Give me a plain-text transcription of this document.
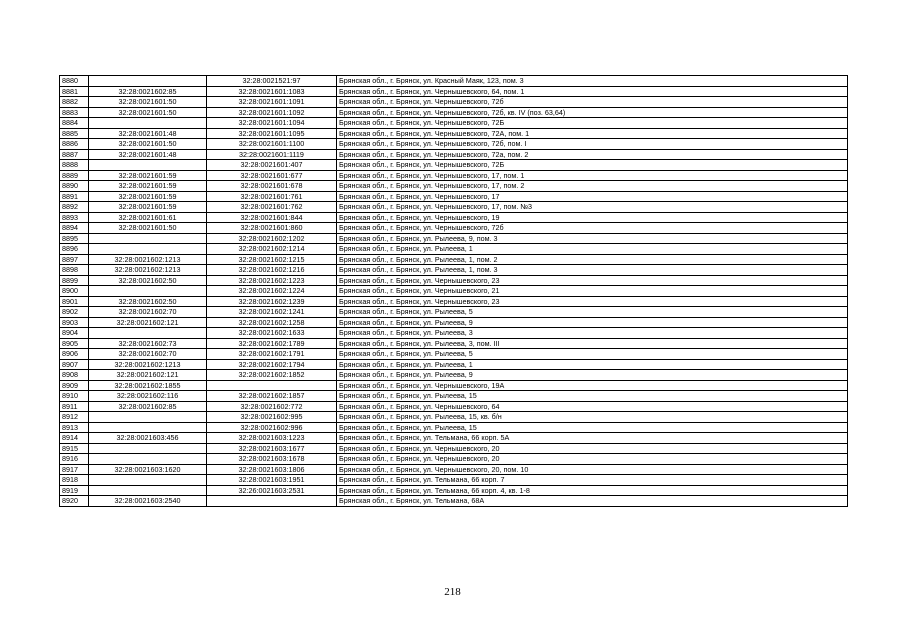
8880		32:28:0021521:97	Брянская обл., г. Брянск, ул. Красный Маяк, 123, пом. 3
8881	32:28:0021602:85	32:28:0021601:1083	Брянская обл., г. Брянск, ул. Чернышевского, 64, пом. 1
8882	32:28:0021601:50	32:28:0021601:1091	Брянская обл., г. Брянск, ул. Чернышевского, 72б
8883	32:28:0021601:50	32:28:0021601:1092	Брянская обл., г. Брянск, ул. Чернышевского, 72б, кв. IV (поз. 63,64)
8884		32:28:0021601:1094	Брянская обл., г. Брянск, ул. Чернышевского, 72Б
8885	32:28:0021601:48	32:28:0021601:1095	Брянская обл., г. Брянск, ул. Чернышевского, 72А, пом. 1
8886	32:28:0021601:50	32:28:0021601:1100	Брянская обл., г. Брянск, ул. Чернышевского, 72б, пом. I
8887	32:28:0021601:48	32:28:0021601:1119	Брянская обл., г. Брянск, ул. Чернышевского, 72а, пом. 2
8888		32:28:0021601:407	Брянская обл., г. Брянск, ул. Чернышевского, 72Б
8889	32:28:0021601:59	32:28:0021601:677	Брянская обл., г. Брянск, ул. Чернышевского, 17, пом. 1
8890	32:28:0021601:59	32:28:0021601:678	Брянская обл., г. Брянск, ул. Чернышевского, 17, пом. 2
8891	32:28:0021601:59	32:28:0021601:761	Брянская обл., г. Брянск, ул. Чернышевского, 17
8892	32:28:0021601:59	32:28:0021601:762	Брянская обл., г. Брянск, ул. Чернышевского, 17, пом. №3
8893	32:28:0021601:61	32:28:0021601:844	Брянская обл., г. Брянск, ул. Чернышевского, 19
8894	32:28:0021601:50	32:28:0021601:860	Брянская обл., г. Брянск, ул. Чернышевского, 72б
8895		32:28:0021602:1202	Брянская обл., г. Брянск, ул. Рылеева, 9, пом. 3
8896		32:28:0021602:1214	Брянская обл., г. Брянск, ул. Рылеева, 1
8897	32:28:0021602:1213	32:28:0021602:1215	Брянская обл., г. Брянск, ул. Рылеева, 1, пом. 2
8898	32:28:0021602:1213	32:28:0021602:1216	Брянская обл., г. Брянск, ул. Рылеева, 1, пом. 3
8899	32:28:0021602:50	32:28:0021602:1223	Брянская обл., г. Брянск, ул. Чернышевского, 23
8900		32:28:0021602:1224	Брянская обл., г. Брянск, ул. Чернышевского, 21
8901	32:28:0021602:50	32:28:0021602:1239	Брянская обл., г. Брянск, ул. Чернышевского, 23
8902	32:28:0021602:70	32:28:0021602:1241	Брянская обл., г. Брянск, ул. Рылеева, 5
8903	32:28:0021602:121	32:28:0021602:1258	Брянская обл., г. Брянск, ул. Рылеева, 9
8904		32:28:0021602:1633	Брянская обл., г. Брянск, ул. Рылеева, 3
8905	32:28:0021602:73	32:28:0021602:1789	Брянская обл., г. Брянск, ул. Рылеева, 3, пом. III
8906	32:28:0021602:70	32:28:0021602:1791	Брянская обл., г. Брянск, ул. Рылеева, 5
8907	32:28:0021602:1213	32:28:0021602:1794	Брянская обл., г. Брянск, ул. Рылеева, 1
8908	32:28:0021602:121	32:28:0021602:1852	Брянская обл., г. Брянск, ул. Рылеева, 9
8909	32:28:0021602:1855		Брянская обл., г. Брянск, ул. Чернышевского, 19А
8910	32:28:0021602:116	32:28:0021602:1857	Брянская обл., г. Брянск, ул. Рылеева, 15
8911	32:28:0021602:85	32:28:0021602:772	Брянская обл., г. Брянск, ул. Чернышевского, 64
8912		32:28:0021602:995	Брянская обл., г. Брянск, ул. Рылеева, 15, кв. б/н
8913		32:28:0021602:996	Брянская обл., г. Брянск, ул. Рылеева, 15
8914	32:28:0021603:456	32:28:0021603:1223	Брянская обл., г. Брянск, ул. Тельмана, 66 корп. 5А
8915		32:28:0021603:1677	Брянская обл., г. Брянск, ул. Чернышевского, 20
8916		32:28:0021603:1678	Брянская обл., г. Брянск, ул. Чернышевского, 20
8917	32:28:0021603:1620	32:28:0021603:1806	Брянская обл., г. Брянск, ул. Чернышевского, 20, пом. 10
8918		32:28:0021603:1951	Брянская обл., г. Брянск, ул. Тельмана, 66 корп. 7
8919		32:26:0021603:2531	Брянская обл., г. Брянск, ул. Тельмана, 66 корп. 4, кв. 1-8
8920	32:28:0021603:2540		Брянская обл., г. Брянск, ул. Тельмана, 68А
218
